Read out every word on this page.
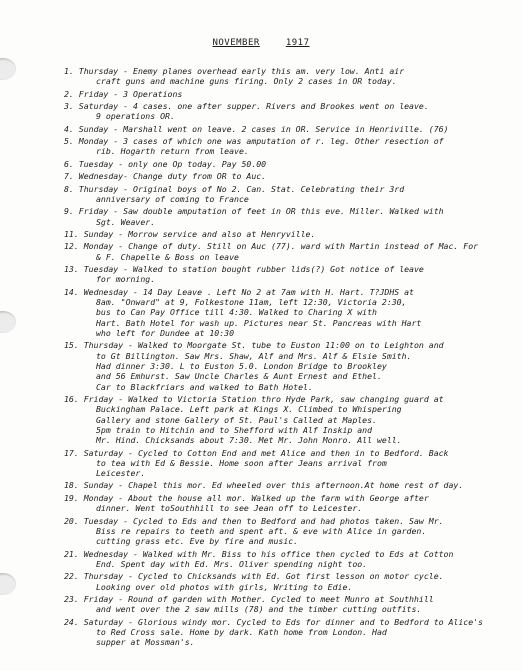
NOVEMBER	1917
1. Thursday - Enemy planes overhead early this am. very low. Anti air
craft guns and machine guns firing. Only 2 cases in OR today.
2. Friday - 3 Operations
3. Saturday - 4 cases. one after supper. Rivers and Brookes went on leave.
9 operations OR.
4. Sunday - Marshall went on leave. 2 cases in OR. Service in Henriville. (76)
5. Monday - 3 cases of which one was amputation of r. leg. Other resection of
rib. Hogarth return from leave.
6. Tuesday - only one Op today. Pay 50.00
7. Wednesday- Change duty from OR to Auc.
8. Thursday - Original boys of No 2. Can. Stat. Celebrating their 3rd
anniversary of coming to France
9. Friday - Saw double amputation of feet in OR this eve. Miller. Walked with
Sgt. Weaver.
11. Sunday - Morrow service and also at Henryville.
12. Monday - Change of duty. Still on Auc (77). ward with Martin instead of Mac. For
& F. Chapelle & Boss on leave
13. Tuesday - Walked to station bought rubber lids(?) Got notice of leave
for morning.
14. Wednesday - 14 Day Leave . Left No 2 at 7am with H. Hart. T?JDHS at
8am. "Onward" at 9, Folkestone 11am, left 12:30, Victoria 2:30,
bus to Can Pay Office till 4:30. Walked to Charing X with
Hart. Bath Hotel for wash up. Pictures near St. Pancreas with Hart
who left for Dundee at 10:30
15. Thursday - Walked to Moorgate St. tube to Euston 11:00 on to Leighton and
to Gt Billington. Saw Mrs. Shaw, Alf and Mrs. Alf & Elsie Smith.
Had dinner 3:30. L to Euston 5.0. London Bridge to Brookley
and 56 Emhurst. Saw Uncle Charles & Aunt Ernest and Ethel.
Car to Blackfriars and walked to Bath Hotel.
16. Friday - Walked to Victoria Station thro Hyde Park, saw changing guard at
Buckingham Palace. Left park at Kings X. Climbed to Whispering
Gallery and stone Gallery of St. Paul's Called at Maples.
5pm train to Hitchin and to Shefford with Alf Inskip and
Mr. Hind. Chicksands about 7:30. Met Mr. John Monro. All well.
17. Saturday - Cycled to Cotton End and met Alice and then in to Bedford. Back
to tea with Ed & Bessie. Home soon after Jeans arrival from
Leicester.
18. Sunday - Chapel this mor. Ed wheeled over this afternoon.At home rest of day.
19. Monday - About the house all mor. Walked up the farm with George after
dinner. Went toSouthhill to see Jean off to Leicester.
20. Tuesday - Cycled to Eds and then to Bedford and had photos taken. Saw Mr.
Biss re repairs to teeth and spent aft. & eve with Alice in garden.
cutting grass etc. Eve by fire and music.
21. Wednesday - Walked with Mr. Biss to his office then cycled to Eds at Cotton
End. Spent day with Ed. Mrs. Oliver spending night too.
22. Thursday - Cycled to Chicksands with Ed. Got first lesson on motor cycle.
Looking over old photos with girls, Writing to Edie.
23. Friday - Round of garden with Mother. Cycled to meet Munro at Southhill
and went over the 2 saw mills (78) and the timber cutting outfits.
24. Saturday - Glorious windy mor. Cycled to Eds for dinner and to Bedford to Alice's
to Red Cross sale. Home by dark. Kath home from London. Had
supper at Mossman's.
